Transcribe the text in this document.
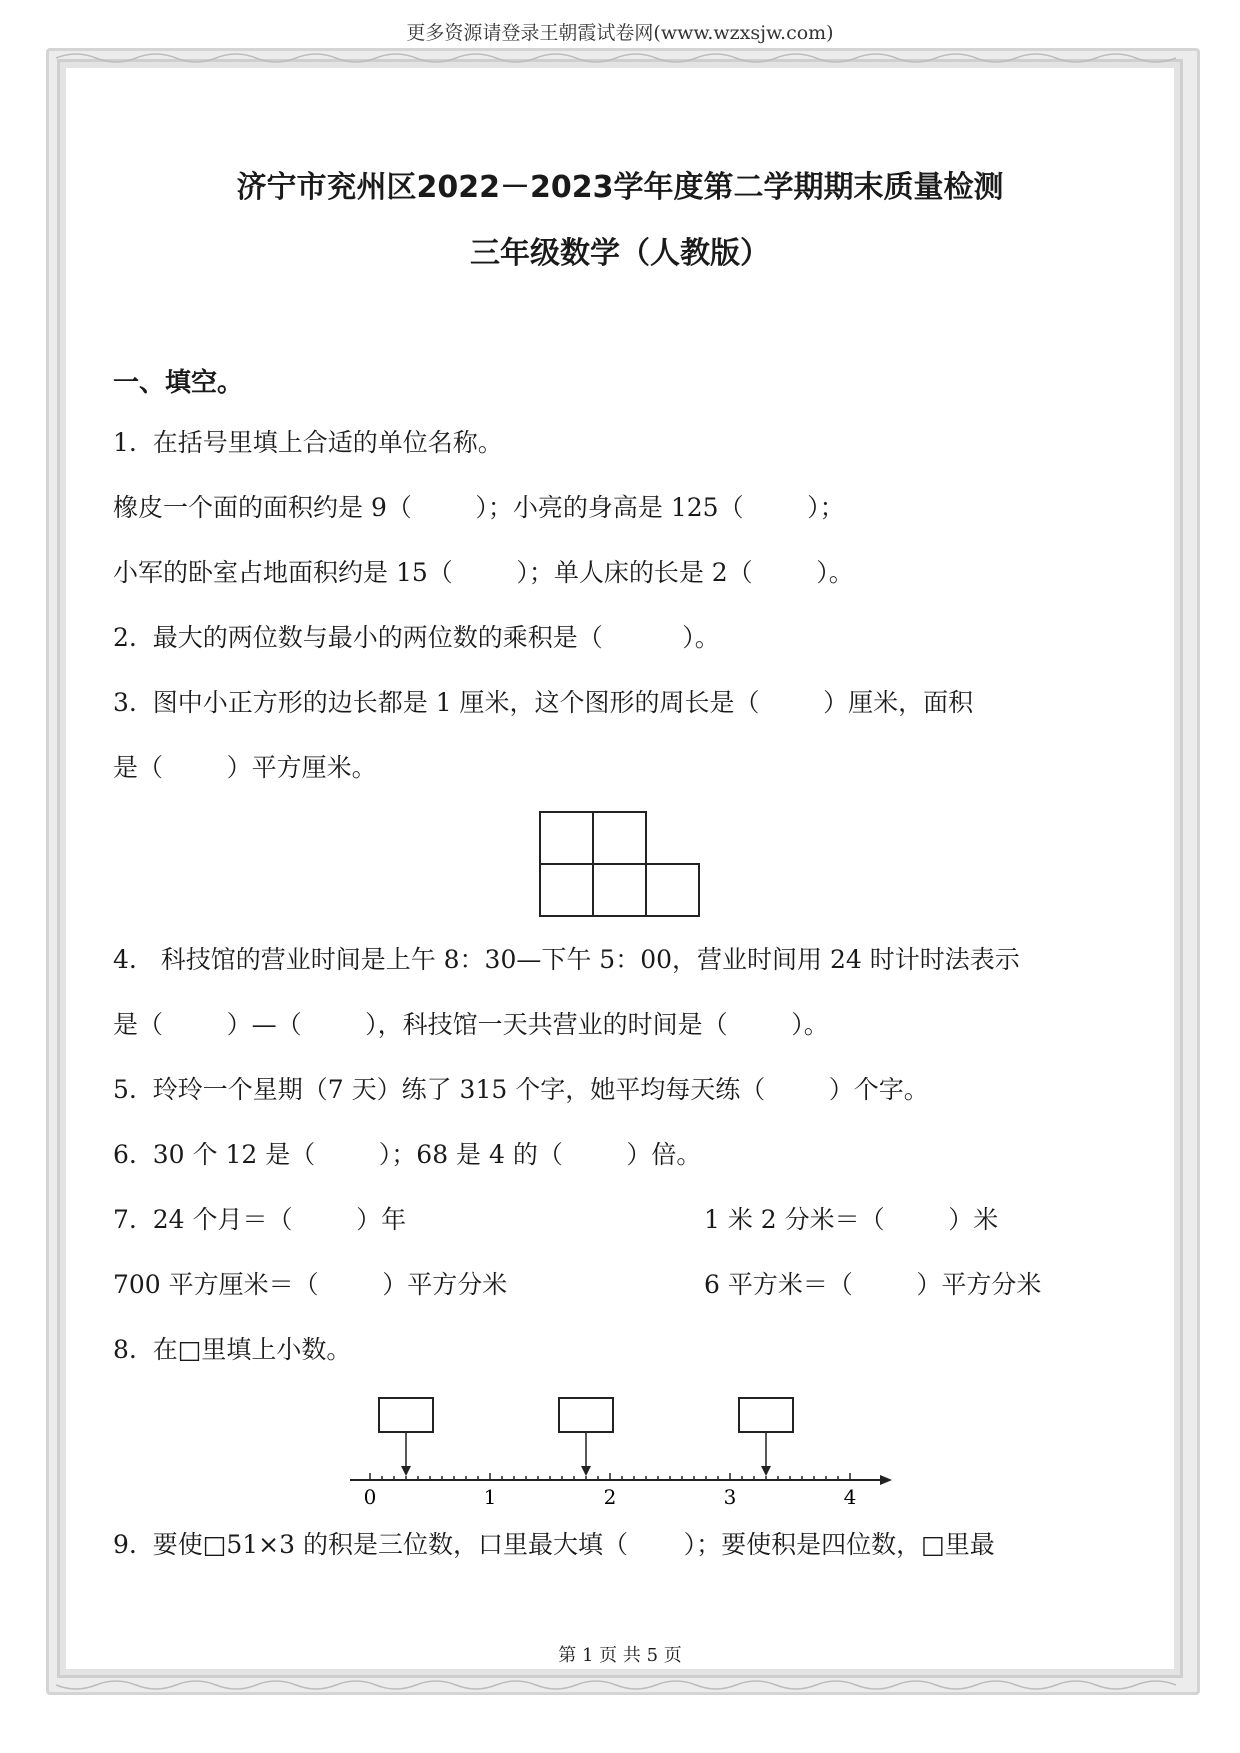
更多资源请登录王朝霞试卷网(www.wzxsjw.com)
济宁市兖州区2022－2023学年度第二学期期末质量检测
三年级数学（人教版）
一、填空。
1.  在括号里填上合适的单位名称。
橡皮一个面的面积约是 9（        ）；小亮的身高是 125（        ）；
小军的卧室占地面积约是 15（        ）；单人床的长是 2（        ）。
2.  最大的两位数与最小的两位数的乘积是（          ）。
3.  图中小正方形的边长都是 1 厘米，这个图形的周长是（        ）厘米，面积
是（        ）平方厘米。
4.   科技馆的营业时间是上午 8：30—下午 5：00，营业时间用 24 时计时法表示
是（        ）—（        ），科技馆一天共营业的时间是（        ）。
5.  玲玲一个星期（7 天）练了 315 个字，她平均每天练（        ）个字。
6.  30 个 12 是（        ）；68 是 4 的（        ）倍。
7.  24 个月＝（        ）年	1 米 2 分米＝（        ）米
700 平方厘米＝（        ）平方分米	6 平方米＝（        ）平方分米
8.  在□里填上小数。
0	1	2	3	4
9.  要使□51×3 的积是三位数，口里最大填（       ）；要使积是四位数，□里最
第 1 页 共 5 页
